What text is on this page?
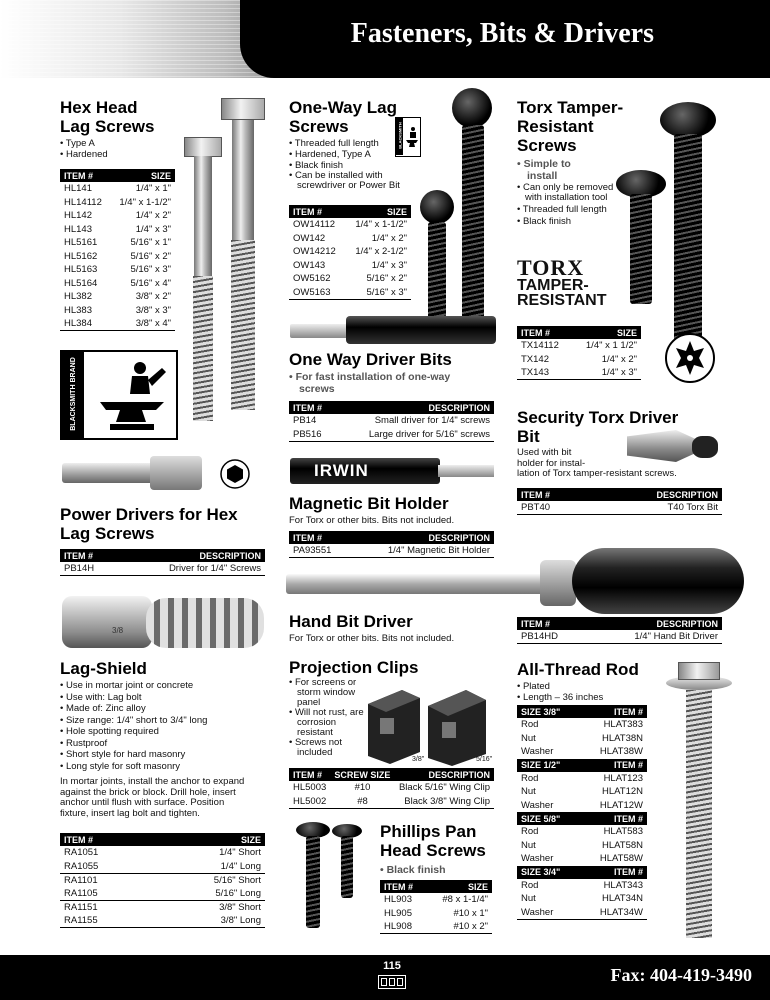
Fasteners, Bits & Drivers
Hex Head
Lag Screws
• Type A
• Hardened
ITEM #	SIZE
HL141	1/4" x 1"
HL14112	1/4" x 1-1/2"
HL142	1/4" x 2"
HL143	1/4" x 3"
HL5161	5/16" x 1"
HL5162	5/16" x 2"
HL5163	5/16" x 3"
HL5164	5/16" x 4"
HL382	3/8" x 2"
HL383	3/8" x 3"
HL384	3/8" x 4"
BLACKSMITH BRAND
Power Drivers for Hex
Lag Screws
ITEM #	DESCRIPTION
PB14H	Driver for 1/4" Screws
3/8
Lag-Shield
• Use in mortar joint or concrete
• Use with: Lag bolt
• Made of: Zinc alloy
• Size range: 1/4" short to 3/4" long
• Hole spotting required
• Rustproof
• Short style for hard masonry
• Long style for soft masonry
In mortar joints, install the anchor to expand
against the brick or block. Drill hole, insert
anchor until flush with surface. Position
fixture, insert lag bolt and tighten.
ITEM #	SIZE
RA1051	1/4" Short
RA1055	1/4" Long
RA1101	5/16" Short
RA1105	5/16" Long
RA1151	3/8" Short
RA1155	3/8" Long
One-Way Lag
Screws	BLACKSMITH
• Threaded full length
• Hardened, Type A
• Black finish
• Can be installed with screwdriver or Power Bit
ITEM #	SIZE
OW14112	1/4" x 1-1/2"
OW142	1/4" x 2"
OW14212	1/4" x 2-1/2"
OW143	1/4" x 3"
OW5162	5/16" x 2"
OW5163	5/16" x 3"
One Way Driver Bits
• For fast installation of one-way
screws
ITEM #	DESCRIPTION
PB14	Small driver for 1/4" screws
PB516	Large driver for 5/16" screws
IRWIN
Magnetic Bit Holder
For Torx or other bits. Bits not included.
ITEM #	DESCRIPTION
PA93551	1/4" Magnetic Bit Holder
Hand Bit Driver
For Torx or other bits. Bits not included.
Projection Clips
• For screens or storm window panel
• Will not rust, are corrosion resistant
• Screws not included
3/8"	5/16"
ITEM #	SCREW SIZE	DESCRIPTION
HL5003	#10	Black 5/16" Wing Clip
HL5002	#8	Black 3/8" Wing Clip
Phillips Pan
Head Screws
• Black finish
ITEM #	SIZE
HL903	#8 x 1-1/4"
HL905	#10 x 1"
HL908	#10 x 2"
Torx Tamper-
Resistant
Screws
• Simple to
install
• Can only be removed with installation tool
• Threaded full length
• Black finish
TORX
TAMPER-
RESISTANT
ITEM #	SIZE
TX14112	1/4" x 1 1/2"
TX142	1/4" x 2"
TX143	1/4" x 3"
Security Torx Driver
Bit
Used with bit
holder for instal-
lation of Torx tamper-resistant screws.
ITEM #	DESCRIPTION
PBT40	T40 Torx Bit
ITEM #	DESCRIPTION
PB14HD	1/4" Hand Bit Driver
All-Thread Rod
• Plated
• Length – 36 inches
SIZE 3/8"	ITEM #
Rod	HLAT383
Nut	HLAT38N
Washer	HLAT38W
SIZE 1/2"	ITEM #
Rod	HLAT123
Nut	HLAT12N
Washer	HLAT12W
SIZE 5/8"	ITEM #
Rod	HLAT583
Nut	HLAT58N
Washer	HLAT58W
SIZE 3/4"	ITEM #
Rod	HLAT343
Nut	HLAT34N
Washer	HLAT34W
115	Fax: 404-419-3490
